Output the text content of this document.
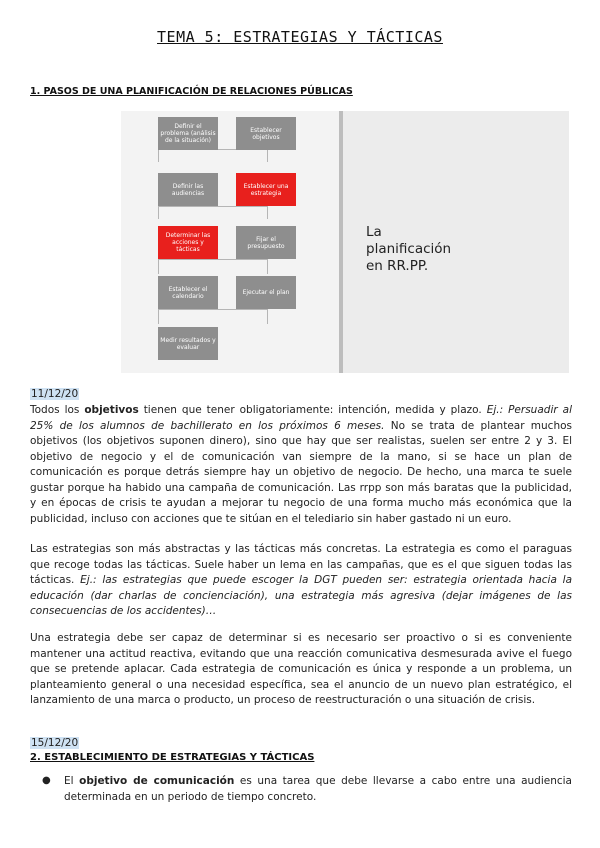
TEMA 5: ESTRATEGIAS Y TÁCTICAS
1. PASOS DE UNA PLANIFICACIÓN DE RELACIONES PÚBLICAS
Definir el problema (análisis de la situación)
Establecer objetivos
Definir las audiencias
Establecer una estrategia
Determinar las acciones y tácticas
Fijar el presupuesto
Establecer el calendario	Ejecutar el plan
Medir resultados y evaluar
La
planificación
en RR.PP.
11/12/20
Todos los objetivos tienen que tener obligatoriamente: intención, medida y plazo. Ej.: Persuadir al 25% de los alumnos de bachillerato en los próximos 6 meses. No se trata de plantear muchos objetivos (los objetivos suponen dinero), sino que hay que ser realistas, suelen ser entre 2 y 3. El objetivo de negocio y el de comunicación van siempre de la mano, si se hace un plan de comunicación es porque detrás siempre hay un objetivo de negocio. De hecho, una marca te suele gustar porque ha habido una campaña de comunicación. Las rrpp son más baratas que la publicidad, y en épocas de crisis te ayudan a mejorar tu negocio de una forma mucho más económica que la publicidad, incluso con acciones que te sitúan en el telediario sin haber gastado ni un euro.
Las estrategias son más abstractas y las tácticas más concretas. La estrategia es como el paraguas que recoge todas las tácticas. Suele haber un lema en las campañas, que es el que siguen todas las tácticas. Ej.: las estrategias que puede escoger la DGT pueden ser: estrategia orientada hacia la educación (dar charlas de concienciación), una estrategia más agresiva (dejar imágenes de las consecuencias de los accidentes)…
Una estrategia debe ser capaz de determinar si es necesario ser proactivo o si es conveniente mantener una actitud reactiva, evitando que una reacción comunicativa desmesurada avive el fuego que se pretende aplacar. Cada estrategia de comunicación es única y responde a un problema, un planteamiento general o una necesidad específica, sea el anuncio de un nuevo plan estratégico, el lanzamiento de una marca o producto, un proceso de reestructuración o una situación de crisis.
15/12/20
2. ESTABLECIMIENTO DE ESTRATEGIAS Y TÁCTICAS
● El objetivo de comunicación es una tarea que debe llevarse a cabo entre una audiencia determinada en un periodo de tiempo concreto.
